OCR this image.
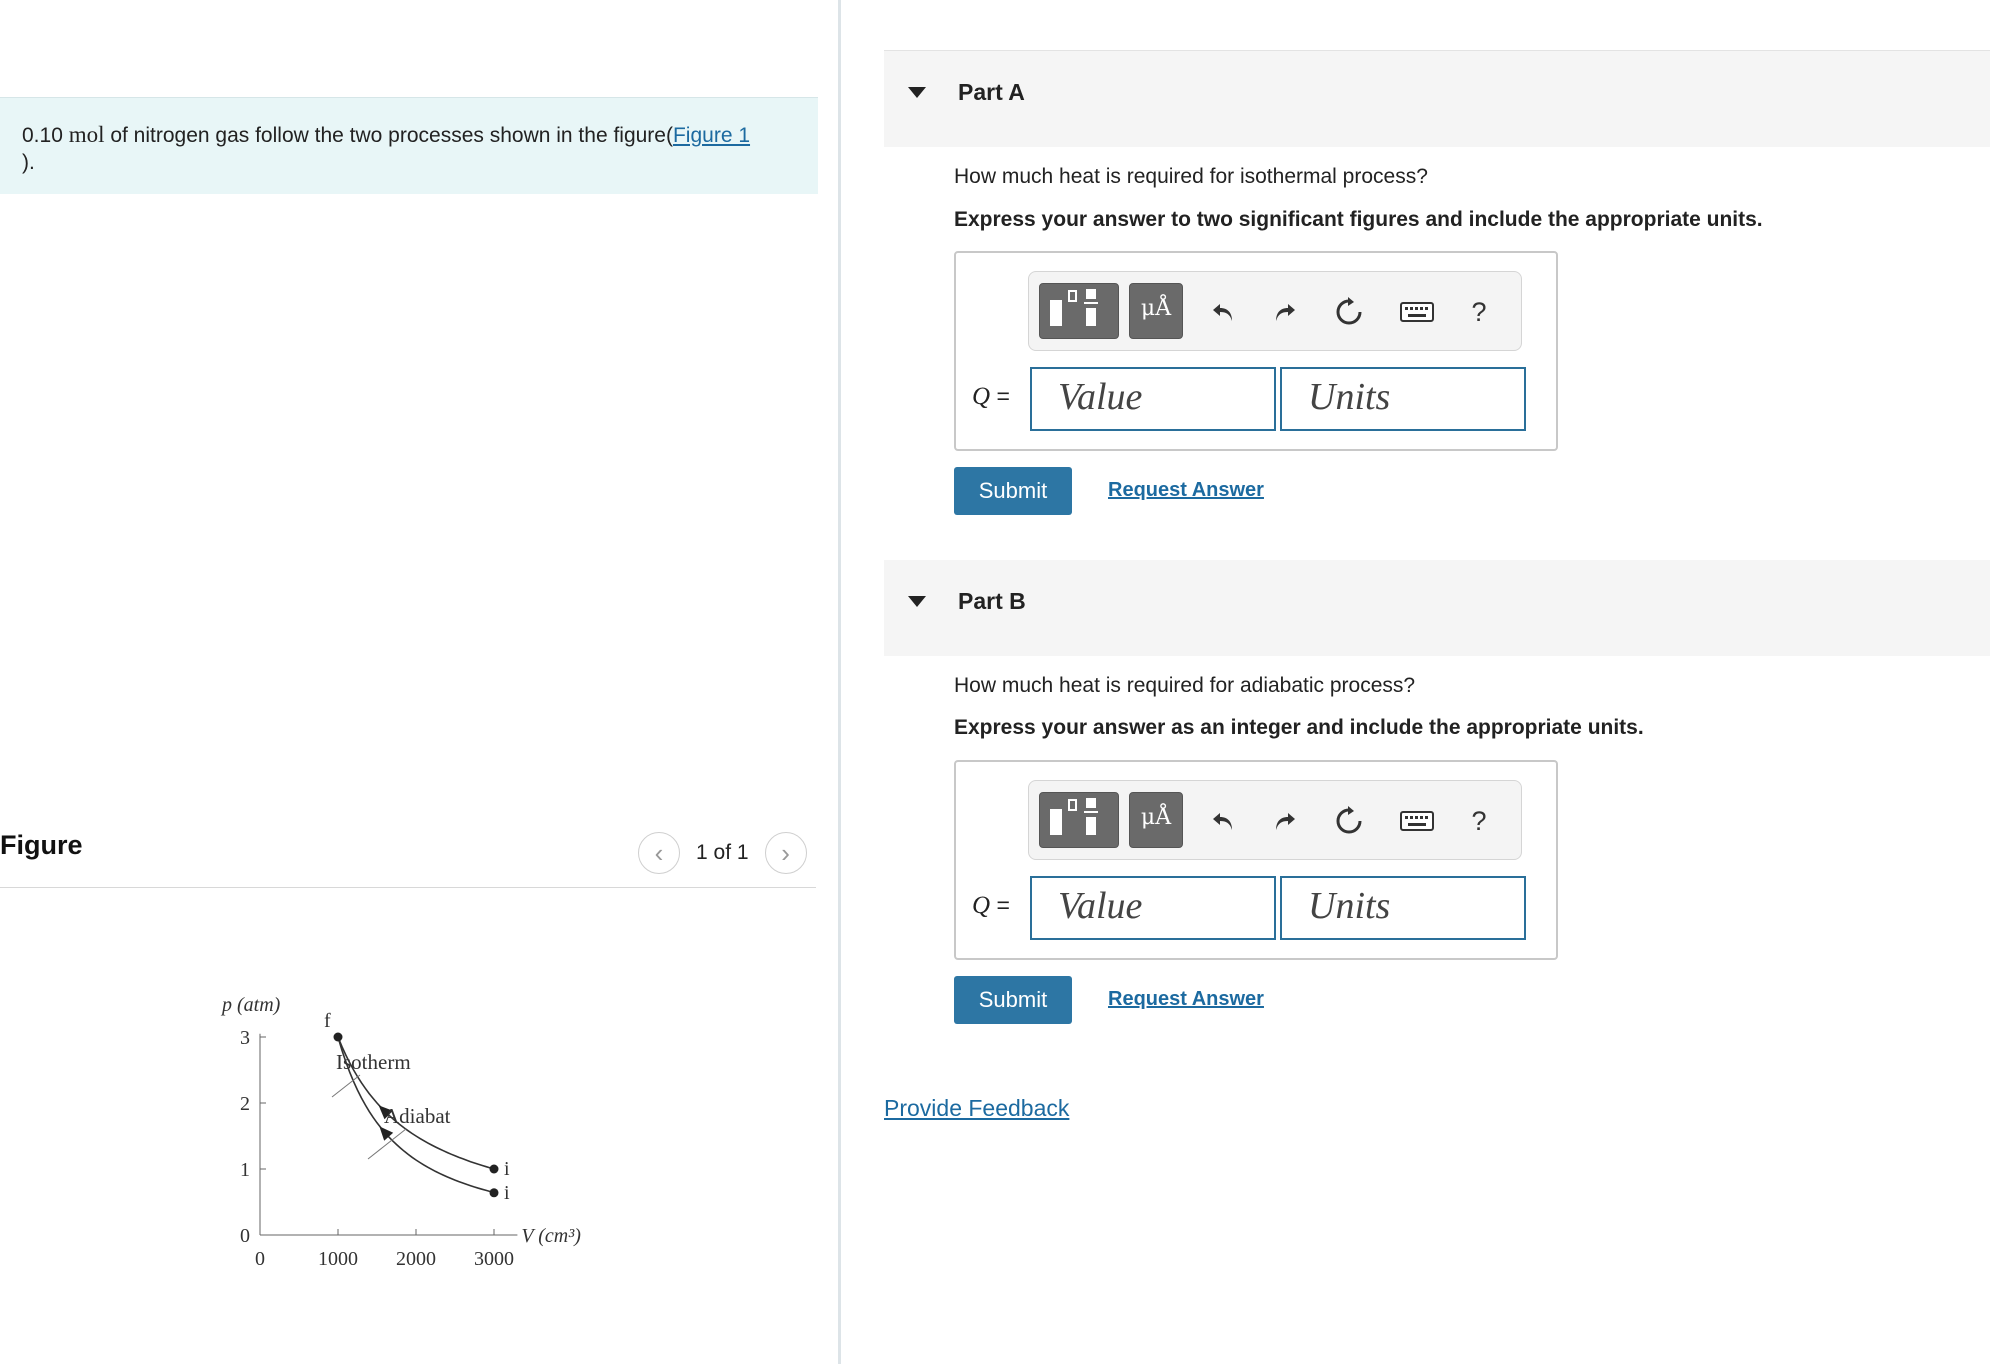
0.10 mol of nitrogen gas follow the two processes shown in the figure(Figure 1
).
Figure	‹	1 of 1	›
0
1
2
3
0	1000 2000 3000
p (atm)
V (cm³)
f
i
i
Isotherm
Adiabat
Part A
How much heat is required for isothermal process?
Express your answer to two significant figures and include the appropriate units.
μÅ	?
Q =	Value	Units
Submit	Request Answer
Part B
How much heat is required for adiabatic process?
Express your answer as an integer and include the appropriate units.
μÅ	?
Q =	Value	Units
Submit	Request Answer
Provide Feedback
